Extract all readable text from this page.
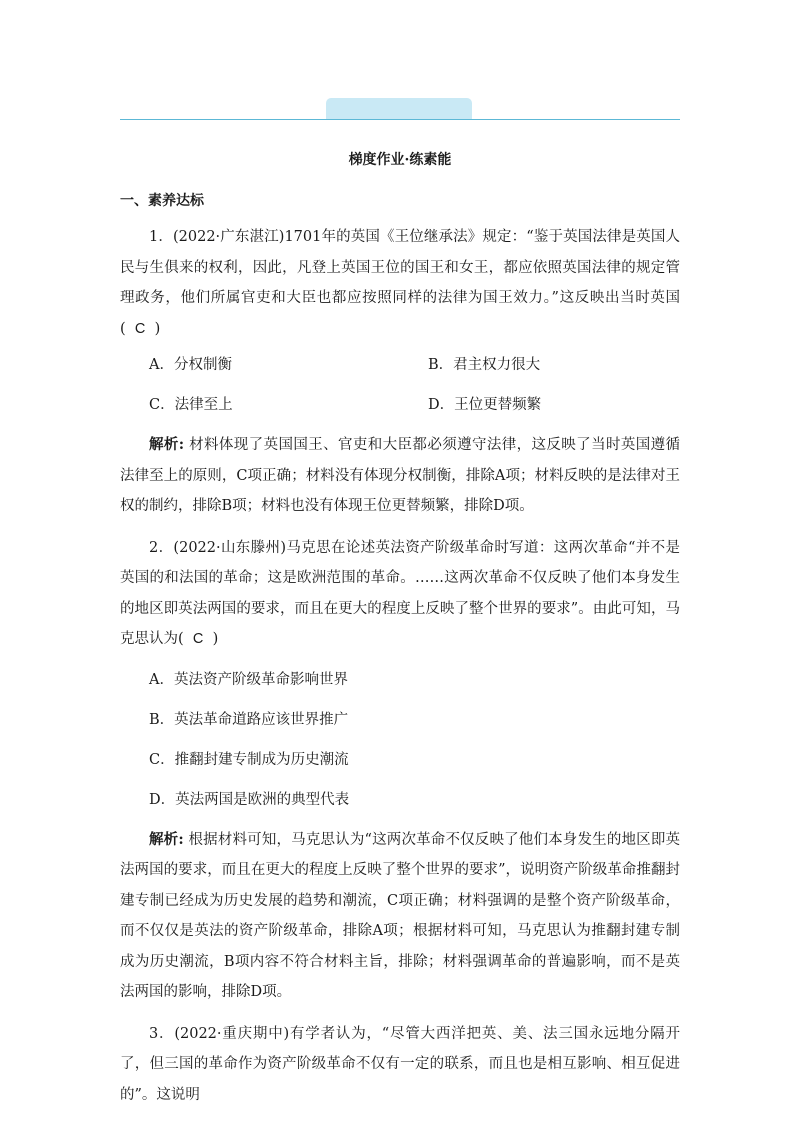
梯度作业·练素能
一、素养达标

1．(2022·广东湛江)1701年的英国《王位继承法》规定：“鉴于英国法律是英国人民与生俱来的权利，因此，凡登上英国王位的国王和女王，都应依照英国法律的规定管理政务，他们所属官吏和大臣也都应按照同样的法律为国王效力。”这反映出当时英国( C )

A．分权制衡	B．君主权力很大
C．法律至上	D．王位更替频繁

解析: 材料体现了英国国王、官吏和大臣都必须遵守法律，这反映了当时英国遵循法律至上的原则，C项正确；材料没有体现分权制衡，排除A项；材料反映的是法律对王权的制约，排除B项；材料也没有体现王位更替频繁，排除D项。

2．(2022·山东滕州)马克思在论述英法资产阶级革命时写道：这两次革命“并不是英国的和法国的革命；这是欧洲范围的革命。……这两次革命不仅反映了他们本身发生的地区即英法两国的要求，而且在更大的程度上反映了整个世界的要求”。由此可知，马克思认为( C )

A．英法资产阶级革命影响世界
B．英法革命道路应该世界推广
C．推翻封建专制成为历史潮流
D．英法两国是欧洲的典型代表

解析: 根据材料可知，马克思认为“这两次革命不仅反映了他们本身发生的地区即英法两国的要求，而且在更大的程度上反映了整个世界的要求”，说明资产阶级革命推翻封建专制已经成为历史发展的趋势和潮流，C项正确；材料强调的是整个资产阶级革命，而不仅仅是英法的资产阶级革命，排除A项；根据材料可知，马克思认为推翻封建专制成为历史潮流，B项内容不符合材料主旨，排除；材料强调革命的普遍影响，而不是英法两国的影响，排除D项。

3．(2022·重庆期中)有学者认为，“尽管大西洋把英、美、法三国永远地分隔开了，但三国的革命作为资产阶级革命不仅有一定的联系，而且也是相互影响、相互促进的”。这说明
